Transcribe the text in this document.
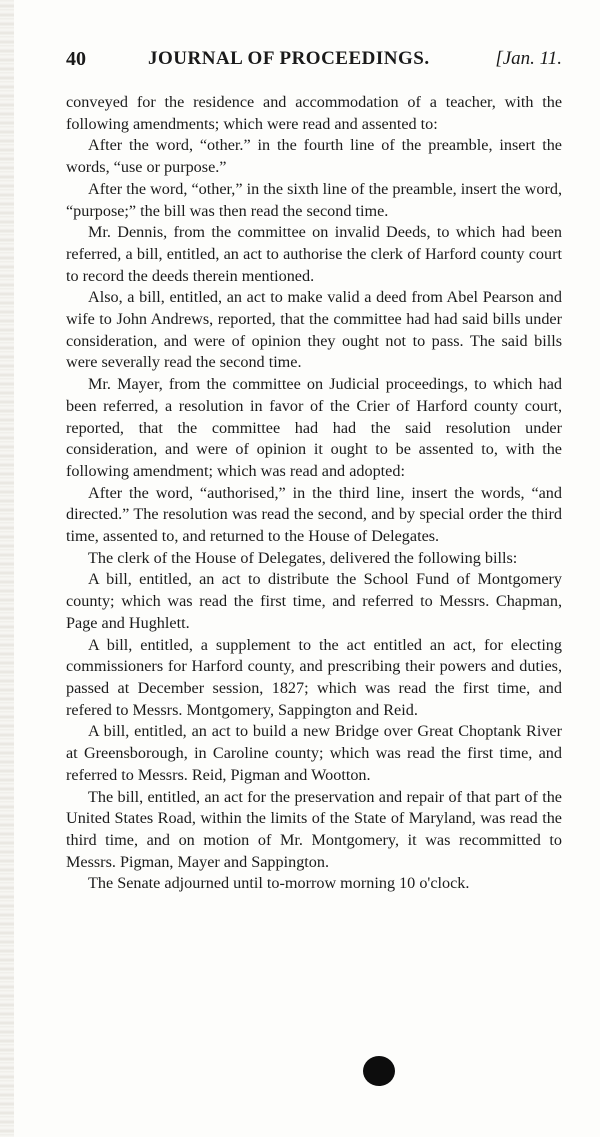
40	JOURNAL OF PROCEEDINGS.	[Jan. 11.

conveyed for the residence and accommodation of a teacher, with the following amendments; which were read and assented to:

After the word, “other.” in the fourth line of the preamble, insert the words, “use or purpose.”

After the word, “other,” in the sixth line of the preamble, insert the word, “purpose;” the bill was then read the second time.

Mr. Dennis, from the committee on invalid Deeds, to which had been referred, a bill, entitled, an act to authorise the clerk of Harford county court to record the deeds therein mentioned.

Also, a bill, entitled, an act to make valid a deed from Abel Pearson and wife to John Andrews, reported, that the committee had had said bills under consideration, and were of opinion they ought not to pass. The said bills were severally read the second time.

Mr. Mayer, from the committee on Judicial proceedings, to which had been referred, a resolution in favor of the Crier of Harford county court, reported, that the committee had had the said resolution under consideration, and were of opinion it ought to be assented to, with the following amendment; which was read and adopted:

After the word, “authorised,” in the third line, insert the words, “and directed.” The resolution was read the second, and by special order the third time, assented to, and returned to the House of Delegates.

The clerk of the House of Delegates, delivered the following bills:

A bill, entitled, an act to distribute the School Fund of Montgomery county; which was read the first time, and referred to Messrs. Chapman, Page and Hughlett.

A bill, entitled, a supplement to the act entitled an act, for electing commissioners for Harford county, and prescribing their powers and duties, passed at December session, 1827; which was read the first time, and refered to Messrs. Montgomery, Sappington and Reid.

A bill, entitled, an act to build a new Bridge over Great Choptank River at Greensborough, in Caroline county; which was read the first time, and referred to Messrs. Reid, Pigman and Wootton.

The bill, entitled, an act for the preservation and repair of that part of the United States Road, within the limits of the State of Maryland, was read the third time, and on motion of Mr. Montgomery, it was recommitted to Messrs. Pigman, Mayer and Sappington.

The Senate adjourned until to-morrow morning 10 o'clock.
